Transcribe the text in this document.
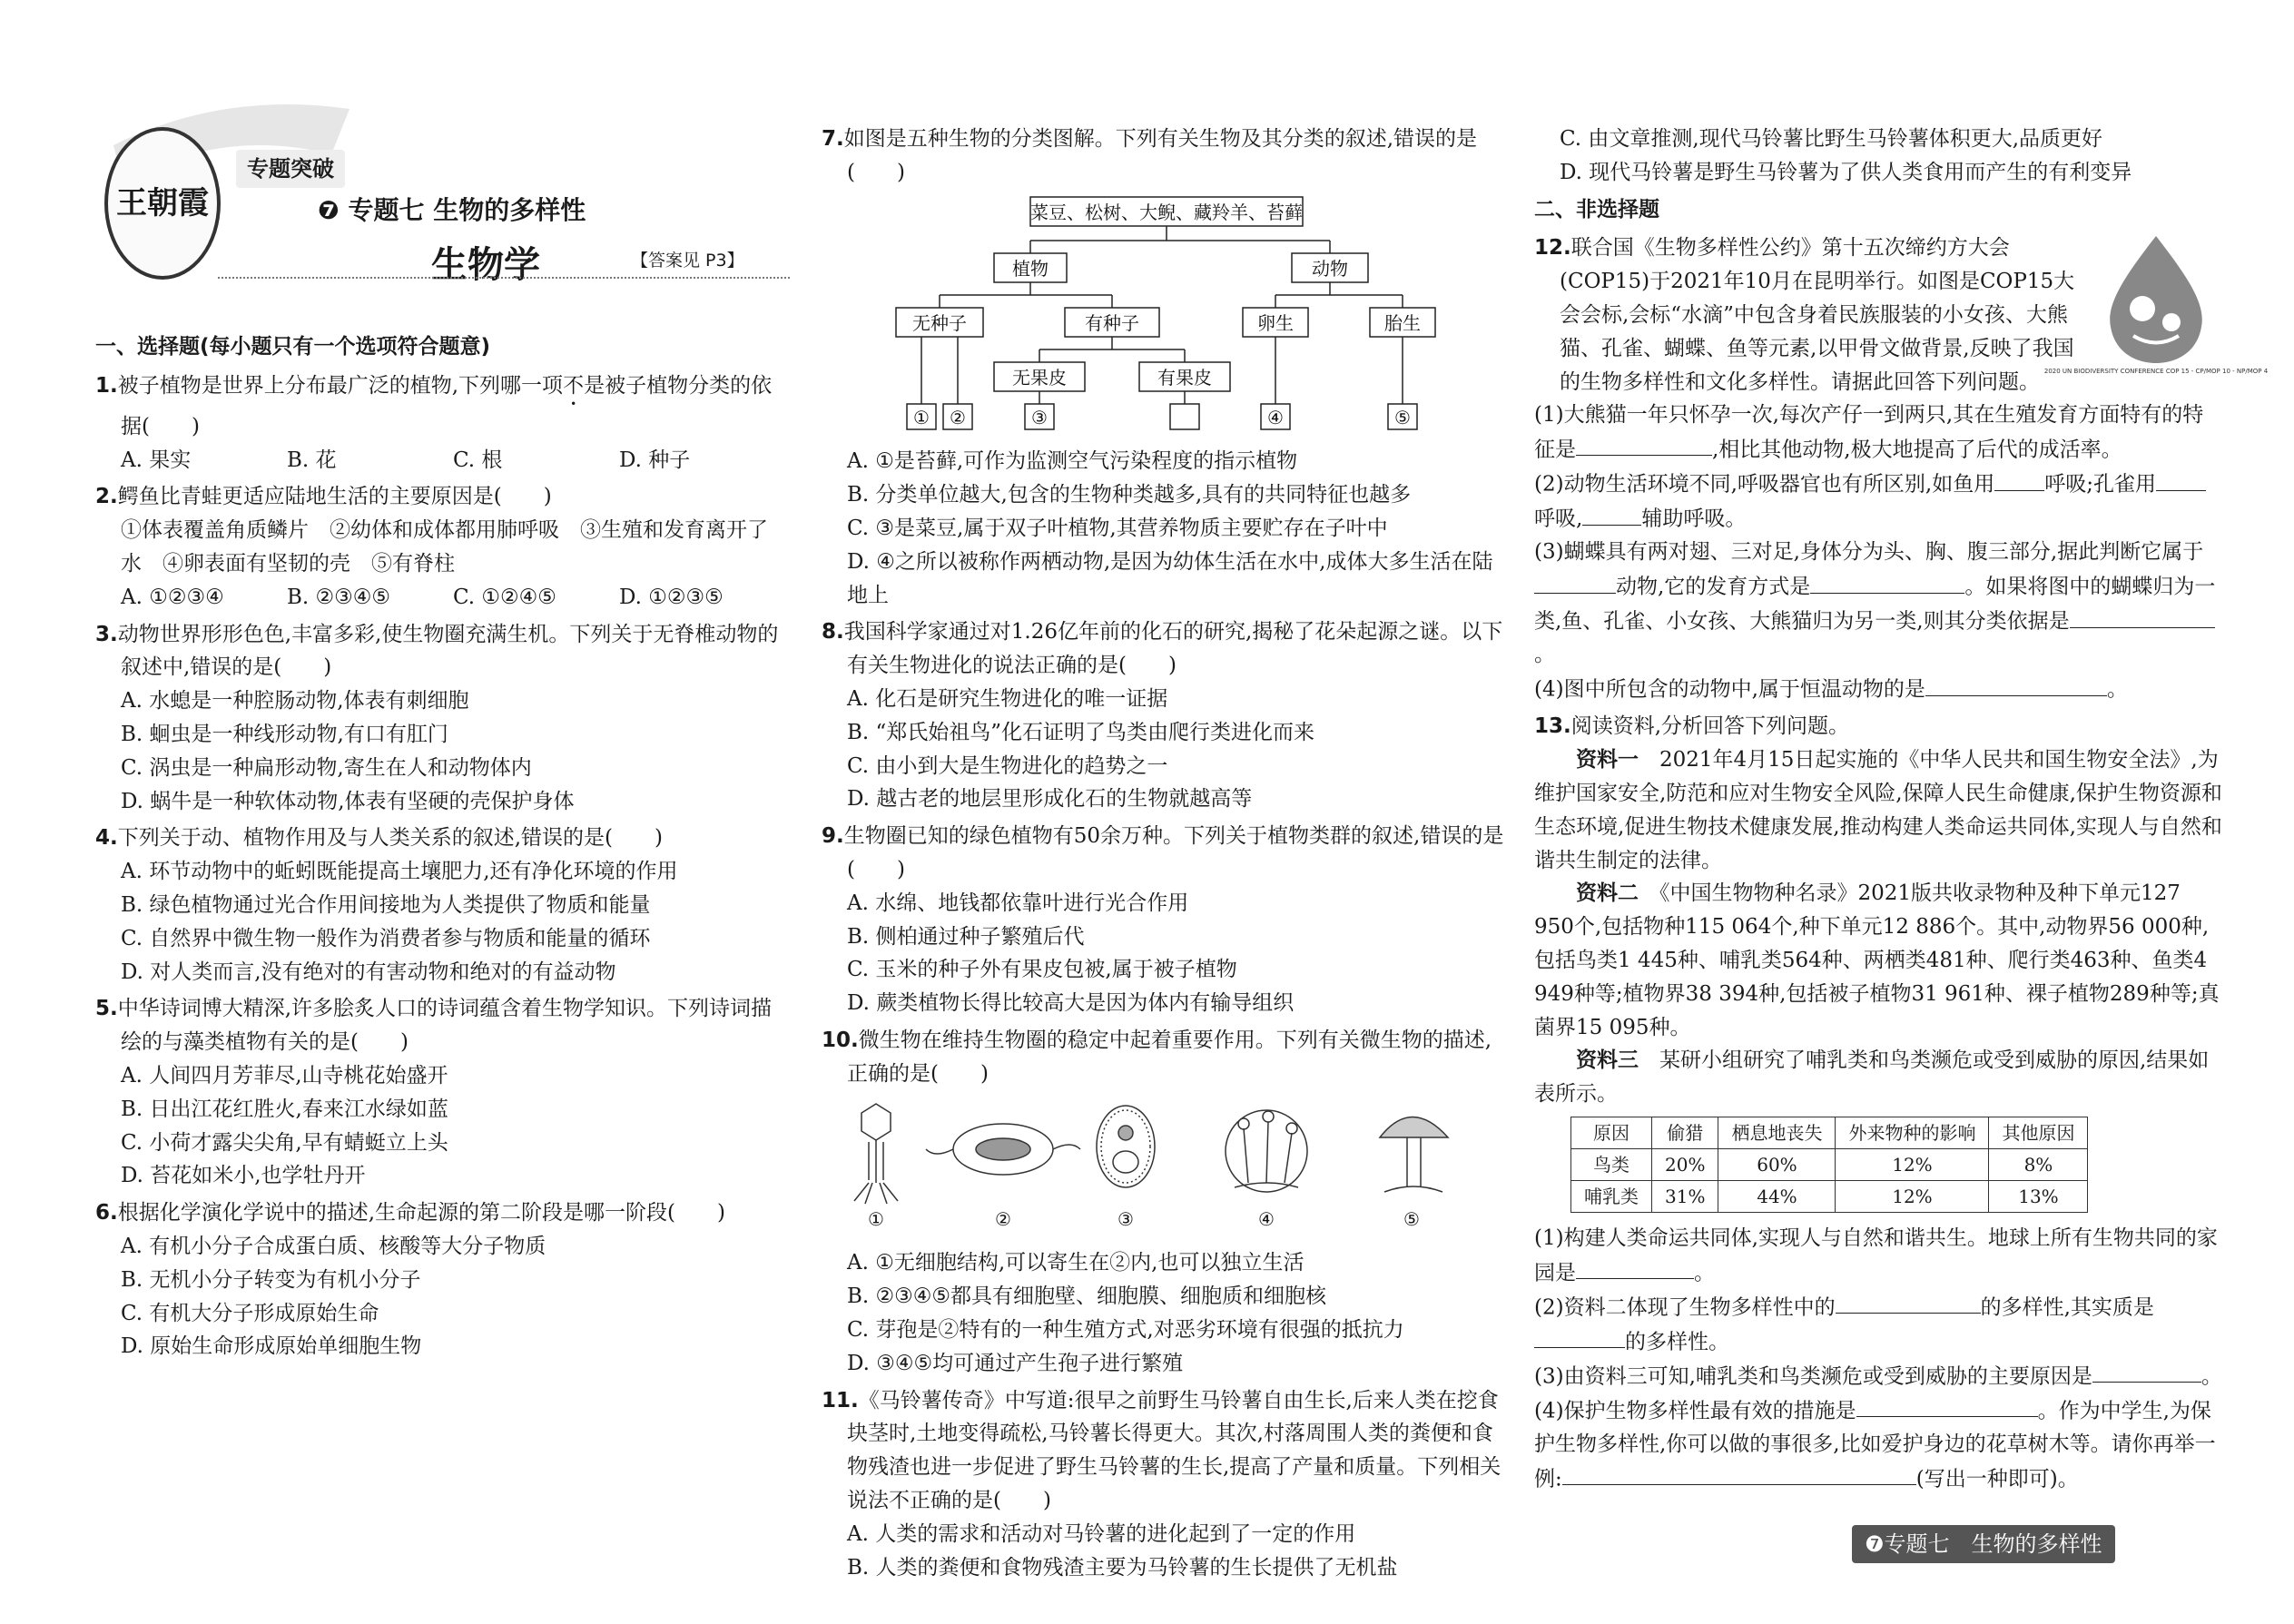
王朝霞
专题突破
❼ 专题七 生物的多样性
生物学	【答案见 P3】
一、选择题(每小题只有一个选项符合题意)
1.被子植物是世界上分布最广泛的植物,下列哪一项不是被子植物分类的依据(　　)
A. 果实	B. 花	C. 根	D. 种子
2.鳄鱼比青蛙更适应陆地生活的主要原因是(　　)
①体表覆盖角质鳞片　②幼体和成体都用肺呼吸　③生殖和发育离开了水　④卵表面有坚韧的壳　⑤有脊柱
A. ①②③④	B. ②③④⑤	C. ①②④⑤	D. ①②③⑤
3.动物世界形形色色,丰富多彩,使生物圈充满生机。下列关于无脊椎动物的叙述中,错误的是(　　)
A. 水螅是一种腔肠动物,体表有刺细胞
B. 蛔虫是一种线形动物,有口有肛门
C. 涡虫是一种扁形动物,寄生在人和动物体内
D. 蜗牛是一种软体动物,体表有坚硬的壳保护身体
4.下列关于动、植物作用及与人类关系的叙述,错误的是(　　)
A. 环节动物中的蚯蚓既能提高土壤肥力,还有净化环境的作用
B. 绿色植物通过光合作用间接地为人类提供了物质和能量
C. 自然界中微生物一般作为消费者参与物质和能量的循环
D. 对人类而言,没有绝对的有害动物和绝对的有益动物
5.中华诗词博大精深,许多脍炙人口的诗词蕴含着生物学知识。下列诗词描绘的与藻类植物有关的是(　　)
A. 人间四月芳菲尽,山寺桃花始盛开
B. 日出江花红胜火,春来江水绿如蓝
C. 小荷才露尖尖角,早有蜻蜓立上头
D. 苔花如米小,也学牡丹开
6.根据化学演化学说中的描述,生命起源的第二阶段是哪一阶段(　　)
A. 有机小分子合成蛋白质、核酸等大分子物质
B. 无机小分子转变为有机小分子
C. 有机大分子形成原始生命
D. 原始生命形成原始单细胞生物
7.如图是五种生物的分类图解。下列有关生物及其分类的叙述,错误的是(　　)
菜豆、松树、大鲵、藏羚羊、苔藓
植物	动物
无种子	有种子	卵生	胎生
无果皮	有果皮
① ②	③	④	⑤
A. ①是苔藓,可作为监测空气污染程度的指示植物
B. 分类单位越大,包含的生物种类越多,具有的共同特征也越多
C. ③是菜豆,属于双子叶植物,其营养物质主要贮存在子叶中
D. ④之所以被称作两栖动物,是因为幼体生活在水中,成体大多生活在陆地上
8.我国科学家通过对1.26亿年前的化石的研究,揭秘了花朵起源之谜。以下有关生物进化的说法正确的是(　　)
A. 化石是研究生物进化的唯一证据
B. “郑氏始祖鸟”化石证明了鸟类由爬行类进化而来
C. 由小到大是生物进化的趋势之一
D. 越古老的地层里形成化石的生物就越高等
9.生物圈已知的绿色植物有50余万种。下列关于植物类群的叙述,错误的是(　　)
A. 水绵、地钱都依靠叶进行光合作用
B. 侧柏通过种子繁殖后代
C. 玉米的种子外有果皮包被,属于被子植物
D. 蕨类植物长得比较高大是因为体内有输导组织
10.微生物在维持生物圈的稳定中起着重要作用。下列有关微生物的描述,正确的是(　　)
①	②	③	④	⑤
A. ①无细胞结构,可以寄生在②内,也可以独立生活
B. ②③④⑤都具有细胞壁、细胞膜、细胞质和细胞核
C. 芽孢是②特有的一种生殖方式,对恶劣环境有很强的抵抗力
D. ③④⑤均可通过产生孢子进行繁殖
11.《马铃薯传奇》中写道:很早之前野生马铃薯自由生长,后来人类在挖食块茎时,土地变得疏松,马铃薯长得更大。其次,村落周围人类的粪便和食物残渣也进一步促进了野生马铃薯的生长,提高了产量和质量。下列相关说法不正确的是(　　)
A. 人类的需求和活动对马铃薯的进化起到了一定的作用
B. 人类的粪便和食物残渣主要为马铃薯的生长提供了无机盐
C. 由文章推测,现代马铃薯比野生马铃薯体积更大,品质更好
D. 现代马铃薯是野生马铃薯为了供人类食用而产生的有利变异
二、非选择题
2020 UN BIODIVERSITY CONFERENCE COP 15 - CP/MOP 10 - NP/MOP 4
12.联合国《生物多样性公约》第十五次缔约方大会(COP15)于2021年10月在昆明举行。如图是COP15大会会标,会标“水滴”中包含身着民族服装的小女孩、大熊猫、孔雀、蝴蝶、鱼等元素,以甲骨文做背景,反映了我国的生物多样性和文化多样性。请据此回答下列问题。
(1)大熊猫一年只怀孕一次,每次产仔一到两只,其在生殖发育方面特有的特征是	,相比其他动物,极大地提高了后代的成活率。
(2)动物生活环境不同,呼吸器官也有所区别,如鱼用 呼吸;孔雀用呼吸,	辅助呼吸。
(3)蝴蝶具有两对翅、三对足,身体分为头、胸、腹三部分,据此判断它属于动物,它的发育方式是	。如果将图中的蝴蝶归为一类,鱼、孔雀、小女孩、大熊猫归为另一类,则其分类依据是。
(4)图中所包含的动物中,属于恒温动物的是	。
13.阅读资料,分析回答下列问题。
资料一　 2021年4月15日起实施的《中华人民共和国生物安全法》,为维护国家安全,防范和应对生物安全风险,保障人民生命健康,保护生物资源和生态环境,促进生物技术健康发展,推动构建人类命运共同体,实现人与自然和谐共生制定的法律。
资料二　 《中国生物物种名录》2021版共收录物种及种下单元127 950个,包括物种115 064个,种下单元12 886个。其中,动物界56 000种,包括鸟类1 445种、哺乳类564种、两栖类481种、爬行类463种、鱼类4 949种等;植物界38 394种,包括被子植物31 961种、裸子植物289种等;真菌界15 095种。
资料三　 某研小组研究了哺乳类和鸟类濒危或受到威胁的原因,结果如表所示。
原因	偷猎	栖息地丧失	外来物种的影响	其他原因
鸟类	20%	60%	12%	8%
哺乳类	31%	44%	12%	13%
(1)构建人类命运共同体,实现人与自然和谐共生。地球上所有生物共同的家园是	。
(2)资料二体现了生物多样性中的	的多样性,其实质是的多样性。
(3)由资料三可知,哺乳类和鸟类濒危或受到威胁的主要原因是	。
(4)保护生物多样性最有效的措施是	。作为中学生,为保护生物多样性,你可以做的事很多,比如爱护身边的花草树木等。请你再举一例:	(写出一种即可)。
❼专题七　生物的多样性
